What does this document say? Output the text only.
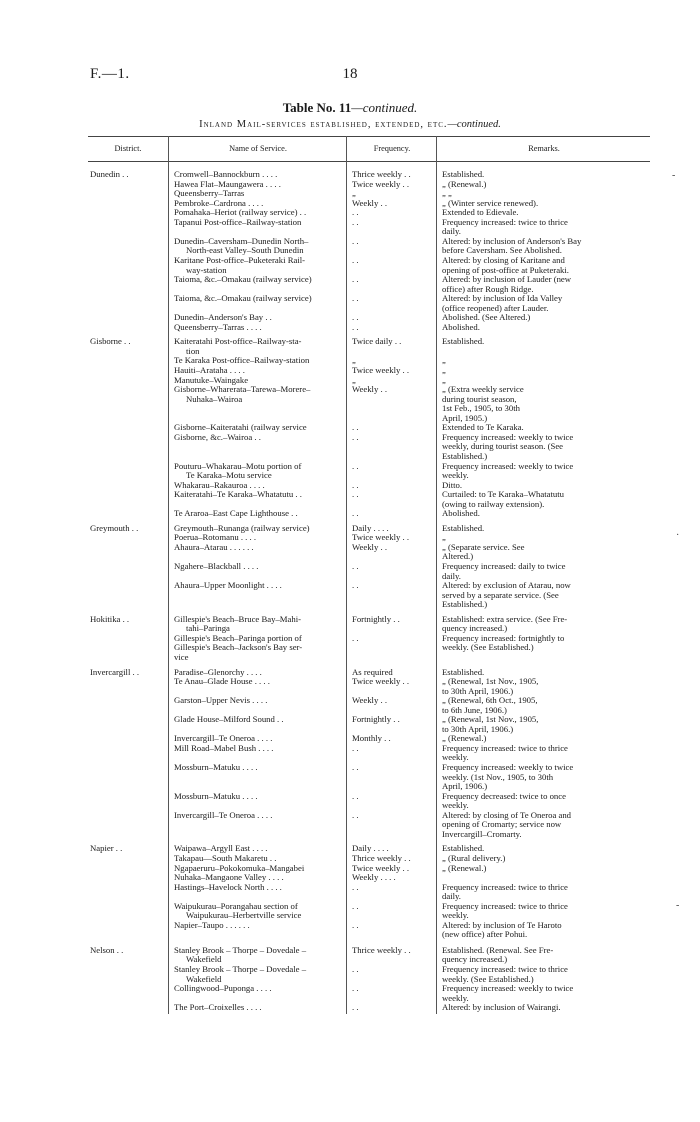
F.—1.	18
Table No. 11—continued.
Inland Mail-services established, extended, etc.—continued.
District.	Name of Service.	Frequency.	Remarks.
Dunedin . .	Cromwell–Bannockburn . . . .	Thrice weekly . .	Established.
Hawea Flat–Maungawera . . . .	Twice weekly . .	„ (Renewal.)
Queensberry–Tarras	„	„ „
Pembroke–Cardrona . . . .	Weekly . .	„ (Winter service renewed).
Pomahaka–Heriot (railway service) . .	. .	Extended to Edievale.
Tapanui Post-office–Railway-station	. .	Frequency increased: twice to thrice
daily.
Dunedin–Caversham–Dunedin North–	. .	Altered: by inclusion of Anderson's Bay
North-east Valley–South Dunedin	before Caversham. See Abolished.
Karitane Post-office–Puketeraki Rail-	. .	Altered: by closing of Karitane and
way-station	opening of post-office at Puketeraki.
Taioma, &c.–Omakau (railway service)	. .	Altered: by inclusion of Lauder (new
office) after Rough Ridge.
Taioma, &c.–Omakau (railway service)	. .	Altered: by inclusion of Ida Valley
(office reopened) after Lauder.
Dunedin–Anderson's Bay . .	. .	Abolished. (See Altered.)
Queensberry–Tarras . . . .	. .	Abolished.
Gisborne . .	Kaiteratahi Post-office–Railway-sta-	Twice daily . .	Established.
tion
Te Karaka Post-office–Railway-station	„	„
Hauiti–Arataha . . . .	Twice weekly . .	„
Manutuke–Waingake	„	„
Gisborne–Wharerata–Tarewa–Morere–	Weekly . .	„ (Extra weekly service
Nuhaka–Wairoa	during tourist season,
1st Feb., 1905, to 30th
April, 1905.)
Gisborne–Kaiteratahi (railway service	. .	Extended to Te Karaka.
Gisborne, &c.–Wairoa . .	. .	Frequency increased: weekly to twice
weekly, during tourist season. (See
Established.)
Pouturu–Whakarau–Motu portion of	. .	Frequency increased: weekly to twice
Te Karaka–Motu service	weekly.
Whakarau–Rakauroa . . . .	. .	Ditto.
Kaiteratahi–Te Karaka–Whatatutu . .	. .	Curtailed: to Te Karaka–Whatatutu
(owing to railway extension).
Te Araroa–East Cape Lighthouse . .	. .	Abolished.
Greymouth . .	Greymouth–Runanga (railway service)	Daily . . . .	Established.
Poerua–Rotomanu . . . .	Twice weekly . .	„
Ahaura–Atarau . . . . . .	Weekly . .	„ (Separate service. See
Altered.)
Ngahere–Blackball . . . .	. .	Frequency increased: daily to twice
daily.
Ahaura–Upper Moonlight . . . .	. .	Altered: by exclusion of Atarau, now
served by a separate service. (See
Established.)
Hokitika . .	Gillespie's Beach–Bruce Bay–Mahi-	Fortnightly . .	Established: extra service. (See Fre-
tahi–Paringa	quency increased.)
Gillespie's Beach–Paringa portion of	. .	Frequency increased: fortnightly to
Gillespie's Beach–Jackson's Bay ser-	weekly. (See Established.)
vice
Invercargill . .	Paradise–Glenorchy . . . .	As required	Established.
Te Anau–Glade House . . . .	Twice weekly . .	„ (Renewal, 1st Nov., 1905,
to 30th April, 1906.)
Garston–Upper Nevis . . . .	Weekly . .	„ (Renewal, 6th Oct., 1905,
to 6th June, 1906.)
Glade House–Milford Sound . .	Fortnightly . .	„ (Renewal, 1st Nov., 1905,
to 30th April, 1906.)
Invercargill–Te Oneroa . . . .	Monthly . .	„ (Renewal.)
Mill Road–Mabel Bush . . . .	. .	Frequency increased: twice to thrice
weekly.
Mossburn–Matuku . . . .	. .	Frequency increased: weekly to twice
weekly. (1st Nov., 1905, to 30th
April, 1906.)
Mossburn–Matuku . . . .	. .	Frequency decreased: twice to once
weekly.
Invercargill–Te Oneroa . . . .	. .	Altered: by closing of Te Oneroa and
opening of Cromarty; service now
Invercargill–Cromarty.
Napier . .	Waipawa–Argyll East . . . .	Daily . . . .	Established.
Takapau—South Makaretu . .	Thrice weekly . .	„ (Rural delivery.)
Ngapaeruru–Pokokomuka–Mangabei	Twice weekly . .	„ (Renewal.)
Nuhaka–Mangaone Valley . . . .	Weekly . . . .
Hastings–Havelock North . . . .	. .	Frequency increased: twice to thrice
daily.
Waipukurau–Porangahau section of	. .	Frequency increased: twice to thrice
Waipukurau–Herbertville service	weekly.
Napier–Taupo . . . . . .	. .	Altered: by inclusion of Te Haroto
(new office) after Pohui.
Nelson . .	Stanley Brook – Thorpe – Dovedale –	Thrice weekly . .	Established. (Renewal. See Fre-
Wakefield	quency increased.)
Stanley Brook – Thorpe – Dovedale –	. .	Frequency increased: twice to thrice
Wakefield	weekly. (See Established.)
Collingwood–Puponga . . . .	. .	Frequency increased: weekly to twice
weekly.
The Port–Croixelles . . . .	. .	Altered: by inclusion of Wairangi.
‑
·
‑
